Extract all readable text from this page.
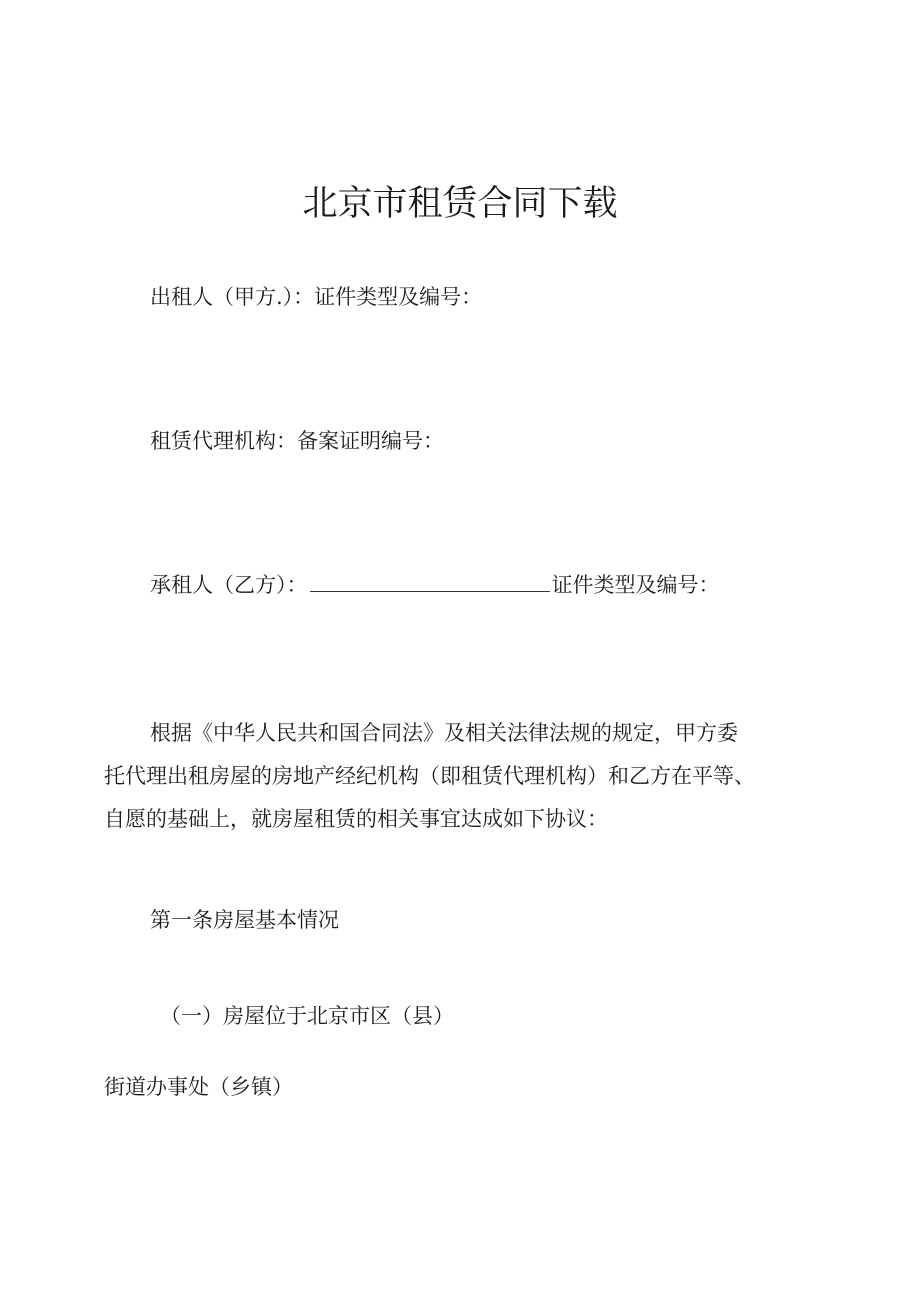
北京市租赁合同下载

出租人（甲方.）：证件类型及编号：

租赁代理机构：备案证明编号：

承租人（乙方）：	证件类型及编号：

根据《中华人民共和国合同法》及相关法律法规的规定，甲方委
托代理出租房屋的房地产经纪机构（即租赁代理机构）和乙方在平等、
自愿的基础上，就房屋租赁的相关事宜达成如下协议：

第一条房屋基本情况

（一）房屋位于北京市区（县）

街道办事处（乡镇）
